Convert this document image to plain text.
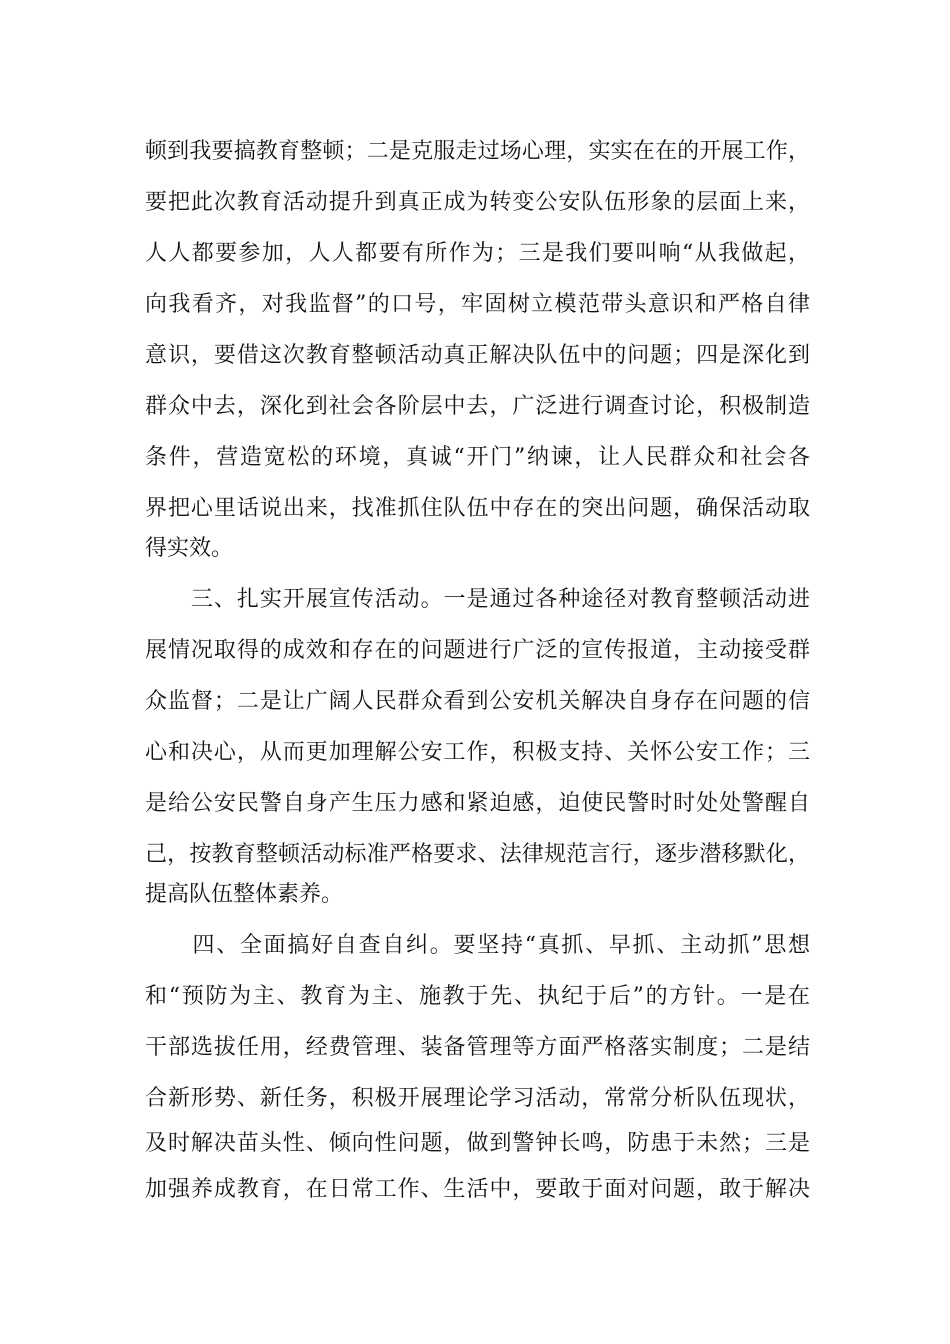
顿到我要搞教育整顿；二是克服走过场心理，实实在在的开展工作，
要把此次教育活动提升到真正成为转变公安队伍形象的层面上来，
人人都要参加，人人都要有所作为；三是我们要叫响“从我做起，
向我看齐，对我监督”的口号，牢固树立模范带头意识和严格自律
意识，要借这次教育整顿活动真正解决队伍中的问题；四是深化到
群众中去，深化到社会各阶层中去，广泛进行调查讨论，积极制造
条件，营造宽松的环境，真诚“开门”纳谏，让人民群众和社会各
界把心里话说出来，找准抓住队伍中存在的突出问题，确保活动取
得实效。
　　三、扎实开展宣传活动。一是通过各种途径对教育整顿活动进
展情况取得的成效和存在的问题进行广泛的宣传报道，主动接受群
众监督；二是让广阔人民群众看到公安机关解决自身存在问题的信
心和决心，从而更加理解公安工作，积极支持、关怀公安工作；三
是给公安民警自身产生压力感和紧迫感，迫使民警时时处处警醒自
己，按教育整顿活动标准严格要求、法律规范言行，逐步潜移默化，
提高队伍整体素养。
　　四、全面搞好自查自纠。要坚持“真抓、早抓、主动抓”思想
和“预防为主、教育为主、施教于先、执纪于后”的方针。一是在
干部选拔任用，经费管理、装备管理等方面严格落实制度；二是结
合新形势、新任务，积极开展理论学习活动，常常分析队伍现状，
及时解决苗头性、倾向性问题，做到警钟长鸣，防患于未然；三是
加强养成教育，在日常工作、生活中，要敢于面对问题，敢于解决
